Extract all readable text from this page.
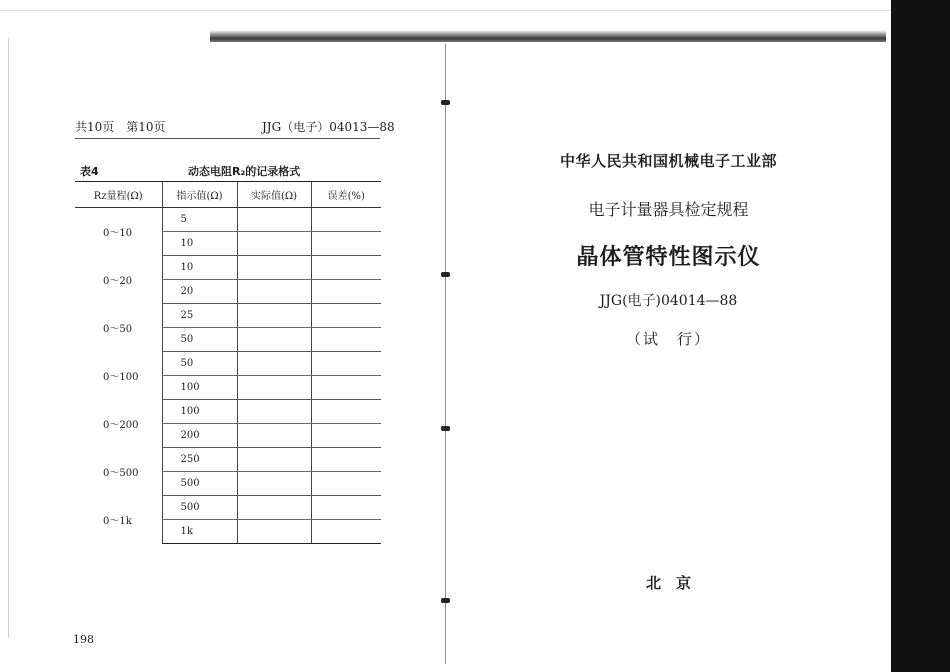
共10页　第10页	JJG（电子）04013—88
表4	动态电阻R₂的记录格式
Rz量程(Ω)	指示值(Ω)	实际值(Ω)	误差(%)
0～10	5		
	10		
0～20	10		
	20		
0～50	25		
	50		
0～100	50		
	100		
0～200	100		
	200		
0～500	250		
	500		
0～1k	500		
	1k		
198
中华人民共和国机械电子工业部
电子计量器具检定规程
晶体管特性图示仪
JJG(电子)04014—88
（试　行）
北　京
